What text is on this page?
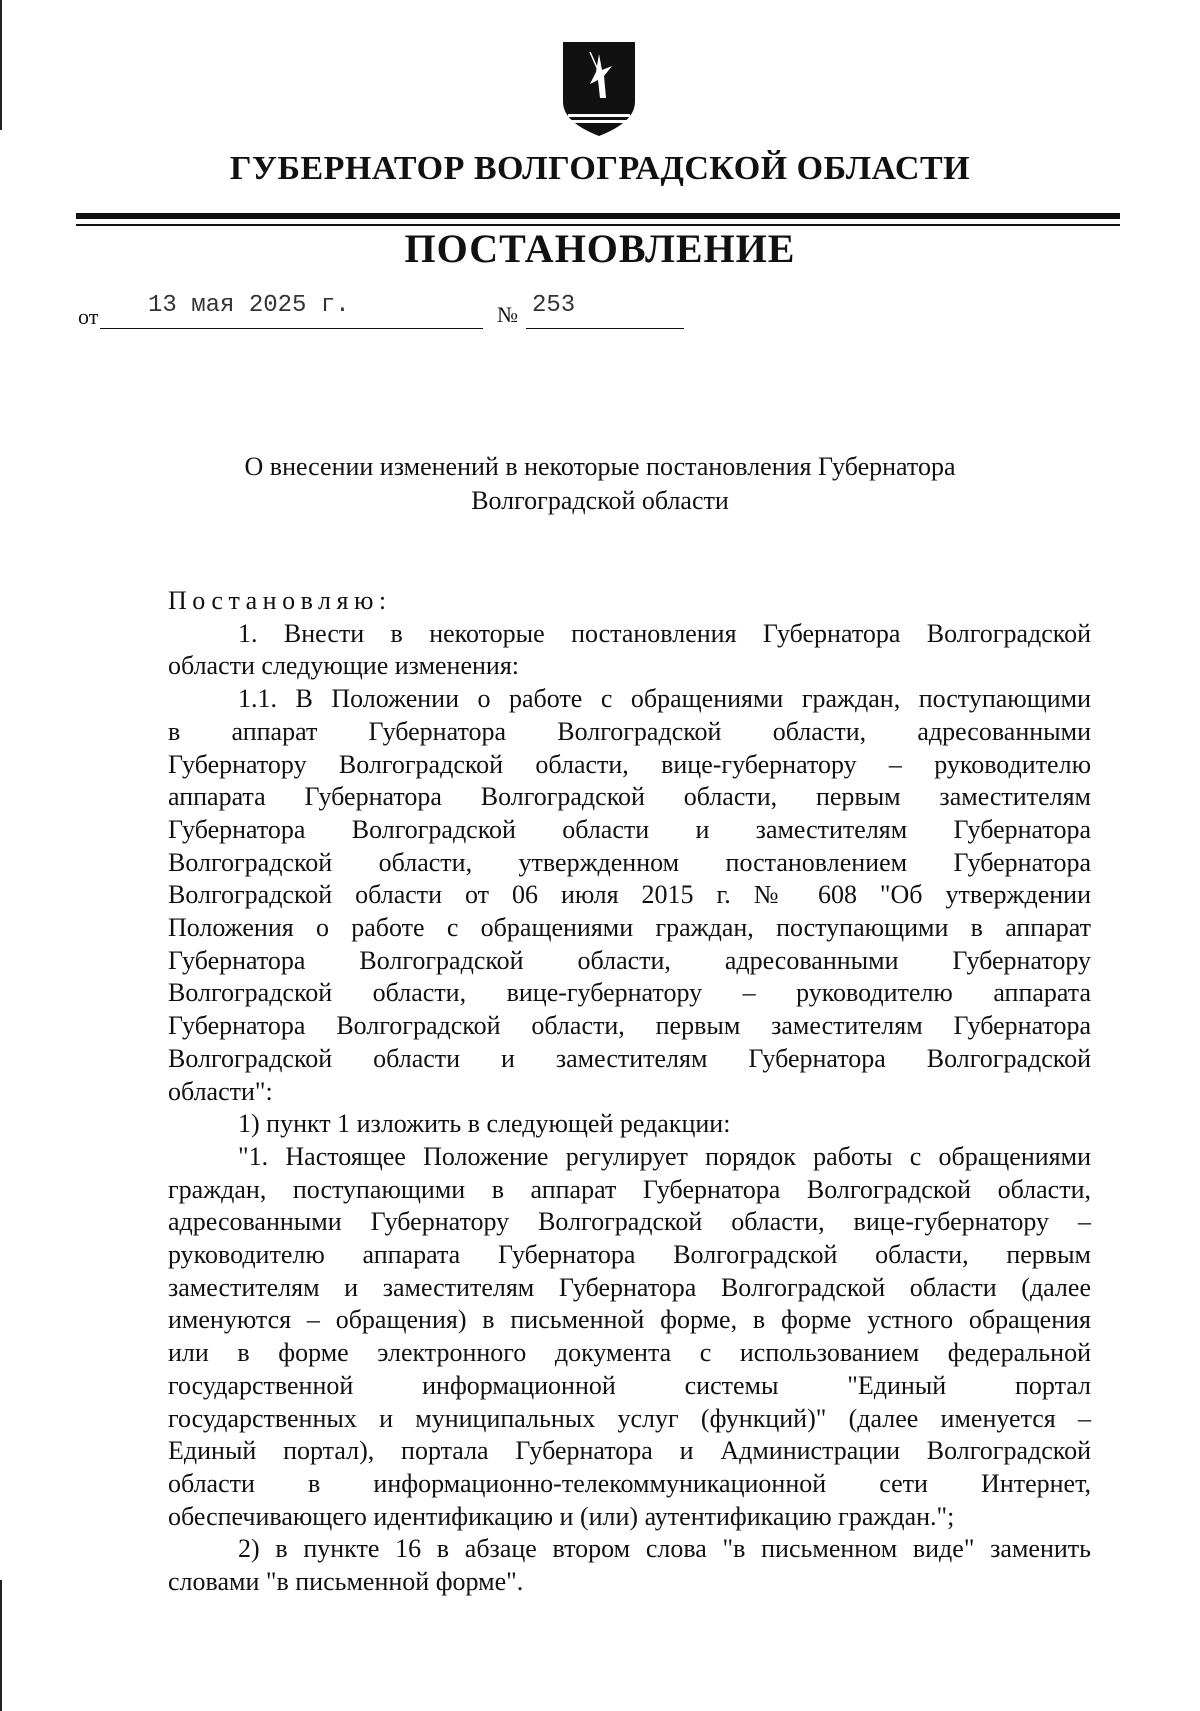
ГУБЕРНАТОР ВОЛГОГРАДСКОЙ ОБЛАСТИ
ПОСТАНОВЛЕНИЕ
от 13 мая 2025 г.	№ 253
О внесении изменений в некоторые постановления Губернатора
Волгоградской области

Постановляю:

1. Внести в некоторые постановления Губернатора Волгоградской

области следующие изменения:

1.1. В Положении о работе с обращениями граждан, поступающими

в аппарат Губернатора Волгоградской области, адресованными

Губернатору Волгоградской области, вице-губернатору – руководителю

аппарата Губернатора Волгоградской области, первым заместителям

Губернатора Волгоградской области и заместителям Губернатора

Волгоградской области, утвержденном постановлением Губернатора

Волгоградской области от 06 июля 2015 г. № 608 "Об утверждении

Положения о работе с обращениями граждан, поступающими в аппарат

Губернатора Волгоградской области, адресованными Губернатору

Волгоградской области, вице-губернатору – руководителю аппарата

Губернатора Волгоградской области, первым заместителям Губернатора

Волгоградской области и заместителям Губернатора Волгоградской

области":

1) пункт 1 изложить в следующей редакции:

"1. Настоящее Положение регулирует порядок работы с обращениями

граждан, поступающими в аппарат Губернатора Волгоградской области,

адресованными Губернатору Волгоградской области, вице-губернатору –

руководителю аппарата Губернатора Волгоградской области, первым

заместителям и заместителям Губернатора Волгоградской области (далее

именуются – обращения) в письменной форме, в форме устного обращения

или в форме электронного документа с использованием федеральной

государственной информационной системы "Единый портал

государственных и муниципальных услуг (функций)" (далее именуется –

Единый портал), портала Губернатора и Администрации Волгоградской

области в информационно-телекоммуникационной сети Интернет,

обеспечивающего идентификацию и (или) аутентификацию граждан.";

2) в пункте 16 в абзаце втором слова "в письменном виде" заменить

словами "в письменной форме".
